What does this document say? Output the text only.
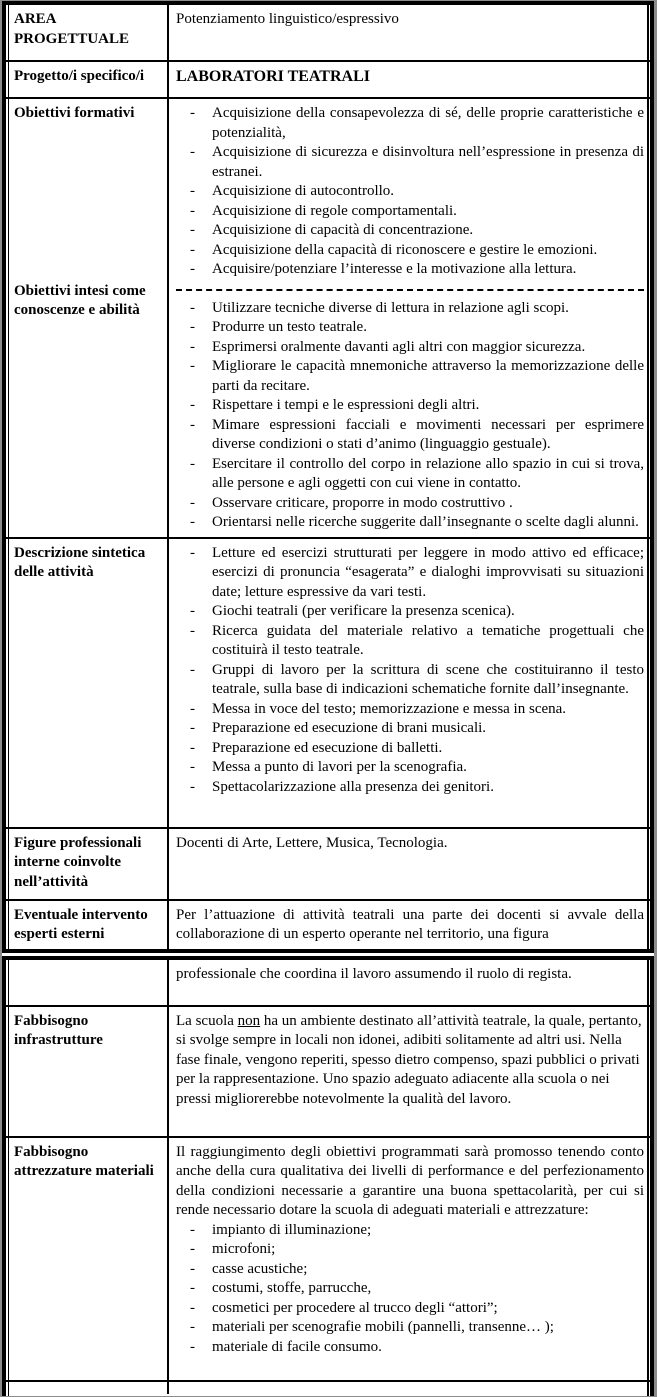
AREA PROGETTUALE
Potenziamento linguistico/espressivo
Progetto/i specifico/i	LABORATORI TEATRALI
Obiettivi formativi
Obiettivi intesi come conoscenze e abilità
- Acquisizione della consapevolezza di sé, delle proprie caratteristiche e potenzialità,
- Acquisizione di sicurezza e disinvoltura nell’espressione in presenza di estranei.
- Acquisizione di autocontrollo.
- Acquisizione di regole comportamentali.
- Acquisizione di capacità di concentrazione.
- Acquisizione della capacità di riconoscere e gestire le emozioni.
- Acquisire/potenziare l’interesse e la motivazione alla lettura.
- Utilizzare tecniche diverse di lettura in relazione agli scopi.
- Produrre un testo teatrale.
- Esprimersi oralmente davanti agli altri con maggior sicurezza.
- Migliorare le capacità mnemoniche attraverso la memorizzazione delle parti da recitare.
- Rispettare i tempi e le espressioni degli altri.
- Mimare espressioni facciali e movimenti necessari per esprimere diverse condizioni o stati d’animo (linguaggio gestuale).
- Esercitare il controllo del corpo in relazione allo spazio in cui si trova, alle persone e agli oggetti con cui viene in contatto.
- Osservare criticare, proporre in modo costruttivo .
- Orientarsi nelle ricerche suggerite dall’insegnante o scelte dagli alunni.
Descrizione sintetica delle attività
- Letture ed esercizi strutturati per leggere in modo attivo ed efficace; esercizi di pronuncia “esagerata” e dialoghi improvvisati su situazioni date; letture espressive da vari testi.
- Giochi teatrali (per verificare la presenza scenica).
- Ricerca guidata del materiale relativo a tematiche progettuali che costituirà il testo teatrale.
- Gruppi di lavoro per la scrittura di scene che costituiranno il testo teatrale, sulla base di indicazioni schematiche fornite dall’insegnante.
- Messa in voce del testo; memorizzazione e messa in scena.
- Preparazione ed esecuzione di brani musicali.
- Preparazione ed esecuzione di balletti.
- Messa a punto di lavori per la scenografia.
- Spettacolarizzazione alla presenza dei genitori.
Figure professionali interne coinvolte nell’attività
Docenti di Arte, Lettere, Musica, Tecnologia.
Eventuale intervento esperti esterni
Per l’attuazione di attività teatrali una parte dei docenti si avvale della collaborazione di un esperto operante nel territorio, una figura
professionale che coordina il lavoro assumendo il ruolo di regista.
Fabbisogno infrastrutture
La scuola non ha un ambiente destinato all’attività teatrale, la quale, pertanto, si svolge sempre in locali non idonei, adibiti solitamente ad altri usi. Nella fase finale, vengono reperiti, spesso dietro compenso, spazi pubblici o privati per la rappresentazione. Uno spazio adeguato adiacente alla scuola o nei pressi migliorerebbe notevolmente la qualità del lavoro.
Fabbisogno attrezzature materiali
Il raggiungimento degli obiettivi programmati sarà promosso tenendo conto anche della cura qualitativa dei livelli di performance e del perfezionamento della condizioni necessarie a garantire una buona spettacolarità, per cui si rende necessario dotare la scuola di adeguati materiali e attrezzature:
- impianto di illuminazione;
- microfoni;
- casse acustiche;
- costumi, stoffe, parrucche,
- cosmetici per procedere al trucco degli “attori”;
- materiali per scenografie mobili (pannelli, transenne… );
- materiale di facile consumo.
